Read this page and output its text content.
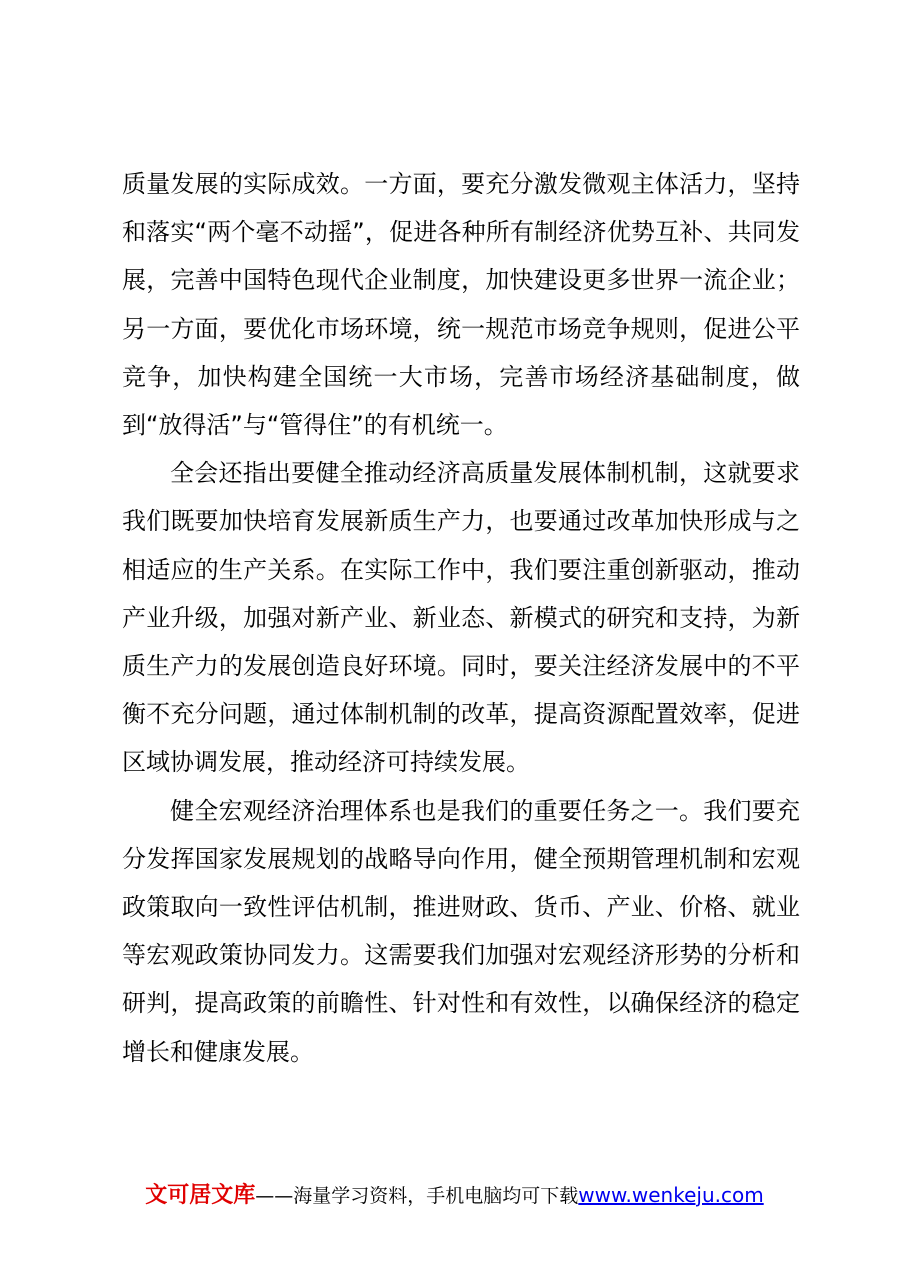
质量发展的实际成效。一方面，要充分激发微观主体活力，坚持和落实“两个毫不动摇”，促进各种所有制经济优势互补、共同发展，完善中国特色现代企业制度，加快建设更多世界一流企业；另一方面，要优化市场环境，统一规范市场竞争规则，促进公平竞争，加快构建全国统一大市场，完善市场经济基础制度，做到“放得活”与“管得住”的有机统一。

全会还指出要健全推动经济高质量发展体制机制，这就要求我们既要加快培育发展新质生产力，也要通过改革加快形成与之相适应的生产关系。在实际工作中，我们要注重创新驱动，推动产业升级，加强对新产业、新业态、新模式的研究和支持，为新质生产力的发展创造良好环境。同时，要关注经济发展中的不平衡不充分问题，通过体制机制的改革，提高资源配置效率，促进区域协调发展，推动经济可持续发展。

健全宏观经济治理体系也是我们的重要任务之一。我们要充分发挥国家发展规划的战略导向作用，健全预期管理机制和宏观政策取向一致性评估机制，推进财政、货币、产业、价格、就业等宏观政策协同发力。这需要我们加强对宏观经济形势的分析和研判，提高政策的前瞻性、针对性和有效性，以确保经济的稳定增长和健康发展。

文可居文库——海量学习资料，手机电脑均可下载www.wenkeju.com
